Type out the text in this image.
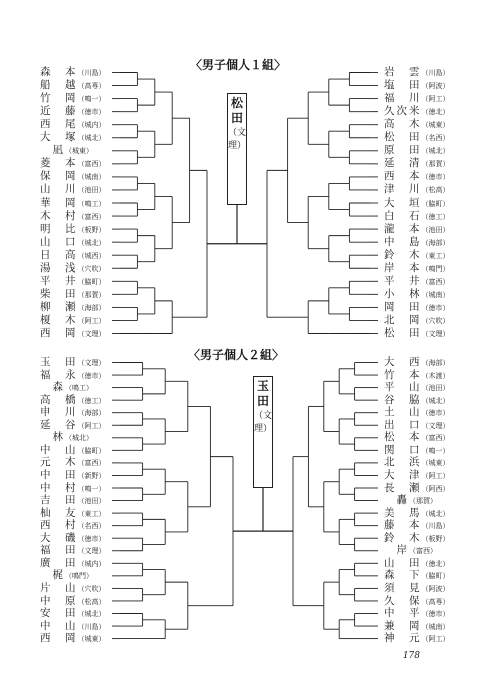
〈男子個人１組〉
〈男子個人２組〉
松
田
（文
理）
玉
田
（文
理）
森　本（川島）
船　越（高専）
竹　岡（鳴一）
近　藤（徳市）
西　尾（城内）
大　塚（城北）
　凪（城東）
菱　本（富西）
保　岡（城南）
山　川（池田）
華　岡（鳴工）
木　村（富西）
明　比（板野）
山　口（城北）
日　高（城西）
湯　浅（穴吹）
平　井（脇町）
柴　田（那賀）
柳　瀬（海部）
榎　木（阿工）
西　岡（文理）
岩　雲（川島）
塩　田（阿波）
福　川（阿工）
久次米（徳北）
高　木（城東）
松　田（名西）
原　田（城北）
延　清（那賀）
西　本（徳市）
津　川（松高）
大　垣（脇町）
白　石（徳工）
瀧　本（池田）
中　島（海部）
鈴　木（東工）
岸　本（鳴門）
平　井（富西）
小　林（城南）
岡　田（徳市）
北　岡（穴吹）
松　田（文理）
玉　田（文理）
福　永（徳市）
　森（鳴工）
高　橋（徳工）
申　川（海部）
延　谷（阿工）
　林（城北）
中　山（脇町）
元　木（富西）
中　田（新野）
中　村（鳴一）
吉　田（池田）
杣　友（東工）
西　村（名西）
大　磯（徳市）
福　田（文理）
廣　田（城内）
　梶（鳴門）
片　山（穴吹）
中　原（松高）
安　田（城北）
中　山（川島）
西　岡（城東）
大　西（海部）
竹　本（木渡）
平　山（池田）
谷　脇（城北）
土　山（徳市）
出　口（文理）
松　本（富西）
関　口（鳴一）
北　浜（城東）
大　津（阿工）
長　瀬（阿西）
　轟（那賀）
美　馬（城北）
藤　本（川島）
鈴　木（板野）
　岸（富西）
山　田（徳北）
森　下（脇町）
須　見（阿波）
久　保（高専）
中　平（徳市）
兼　岡（城南）
神　元（阿工）
178
